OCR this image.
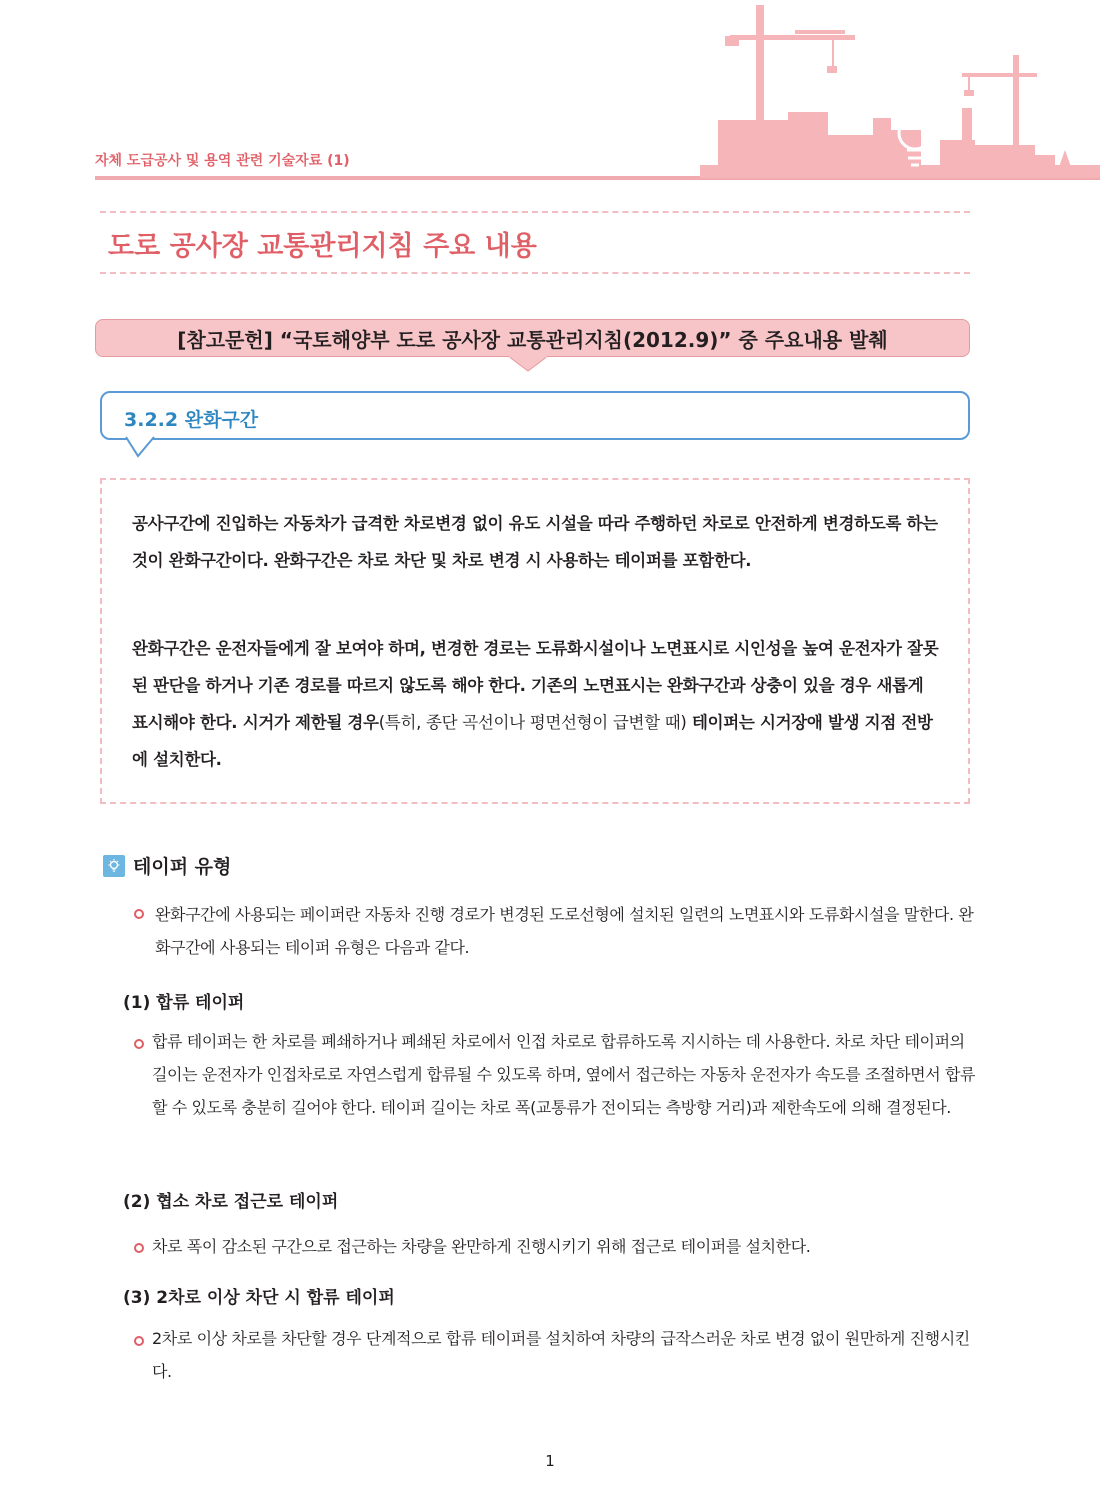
자체 도급공사 및 용역 관련 기술자료 (1)
도로 공사장 교통관리지침 주요 내용
[참고문헌] “국토해양부 도로 공사장 교통관리지침(2012.9)” 중 주요내용 발췌
3.2.2 완화구간

공사구간에 진입하는 자동차가 급격한 차로변경 없이 유도 시설을 따라 주행하던 차로로 안전하게 변경하도록 하는 것이 완화구간이다. 완화구간은 차로 차단 및 차로 변경 시 사용하는 테이퍼를 포함한다.

완화구간은 운전자들에게 잘 보여야 하며, 변경한 경로는 도류화시설이나 노면표시로 시인성을 높여 운전자가 잘못된 판단을 하거나 기존 경로를 따르지 않도록 해야 한다. 기존의 노면표시는 완화구간과 상충이 있을 경우 새롭게 표시해야 한다. 시거가 제한될 경우(특히, 종단 곡선이나 평면선형이 급변할 때) 테이퍼는 시거장애 발생 지점 전방에 설치한다.

테이퍼 유형

완화구간에 사용되는 페이퍼란 자동차 진행 경로가 변경된 도로선형에 설치된 일련의 노면표시와 도류화시설을 말한다. 완화구간에 사용되는 테이퍼 유형은 다음과 같다.

(1) 합류 테이퍼

합류 테이퍼는 한 차로를 폐쇄하거나 폐쇄된 차로에서 인접 차로로 합류하도록 지시하는 데 사용한다. 차로 차단 테이퍼의 길이는 운전자가 인접차로로 자연스럽게 합류될 수 있도록 하며, 옆에서 접근하는 자동차 운전자가 속도를 조절하면서 합류할 수 있도록 충분히 길어야 한다. 테이퍼 길이는 차로 폭(교통류가 전이되는 측방향 거리)과 제한속도에 의해 결정된다.

(2) 협소 차로 접근로 테이퍼

차로 폭이 감소된 구간으로 접근하는 차량을 완만하게 진행시키기 위해 접근로 테이퍼를 설치한다.

(3) 2차로 이상 차단 시 합류 테이퍼

2차로 이상 차로를 차단할 경우 단계적으로 합류 테이퍼를 설치하여 차량의 급작스러운 차로 변경 없이 원만하게 진행시킨다.

1
